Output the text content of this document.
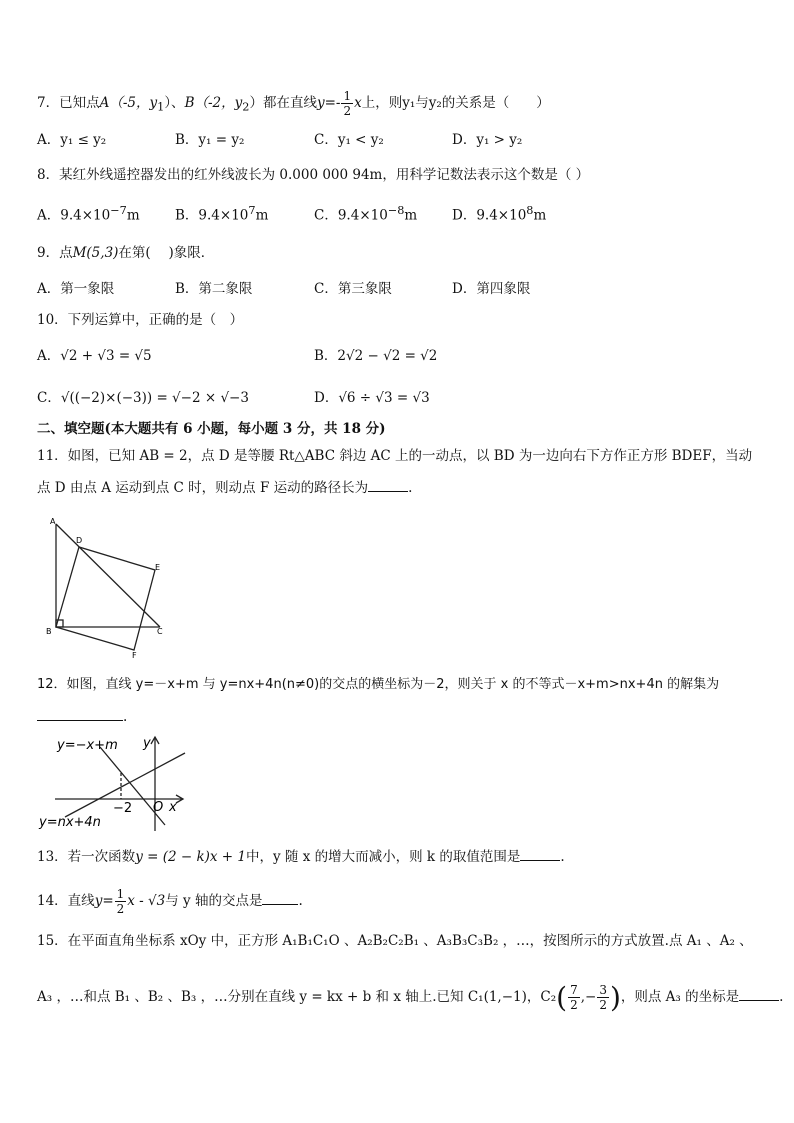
7．已知点A（-5，$y_1$）、B（-2，$y_2$）都在直线$y=- \frac{1}{2}$ x上，则y₁与y₂的关系是（　　）
A．y₁ ≤ y₂	B．y₁ = y₂	C．y₁ < y₂	D．y₁ > y₂
8．某红外线遥控器发出的红外线波长为 0.000 000 94m，用科学记数法表示这个数是（ ）
A．$9.4\times 10^{-7}m$	B．$9.4\times 10^7m$	C．$9.4\times 10^{-8}m$	D．$9.4\times 10^8m$
9．点M(5,3)在第(　 )象限．
A．第一象限	B．第二象限	C．第三象限	D．第四象限
10．下列运算中，正确的是（　）
A．√2 + √3 = √5	B．2√2 − √2 = √2
C．√((−2)×(−3)) = √−2 × √−3	D．√6 ÷ √3 = √3
二、填空题(本大题共有 6 小题，每小题 3 分，共 18 分)
11．如图，已知 AB = 2，点 D 是等腰 Rt△ABC 斜边 AC 上的一动点，以 BD 为一边向右下方作正方形 BDEF，当动
点 D 由点 A 运动到点 C 时，则动点 F 运动的路径长为	.
A
D
E
B	C
F
12．如图，直线 y=－x+m 与 y=nx+4n(n≠0)的交点的横坐标为－2，则关于 x 的不等式－x+m>nx+4n 的解集为
.
y=−x+m y
−2 O x
y=nx+4n
13．若一次函数y = (2 − k)x + 1中，y 随 x 的增大而减小，则 k 的取值范围是	.
14．直线$y= \frac{1}{2}$ x - √3与 y 轴的交点是	.
15．在平面直角坐标系 xOy 中，正方形 A₁B₁C₁O 、A₂B₂C₂B₁ 、A₃B₃C₃B₂ ，…，按图所示的方式放置.点 A₁ 、A₂ 、
A₃ ，…和点 B₁ 、B₂ 、B₃ ，…分别在直线 y = kx + b 和 x 轴上.已知 C₁(1,−1)，$C_2( \frac{7}{2}$ ,− $\frac{3}{2}$ )，则点 A₃ 的坐标是	.
